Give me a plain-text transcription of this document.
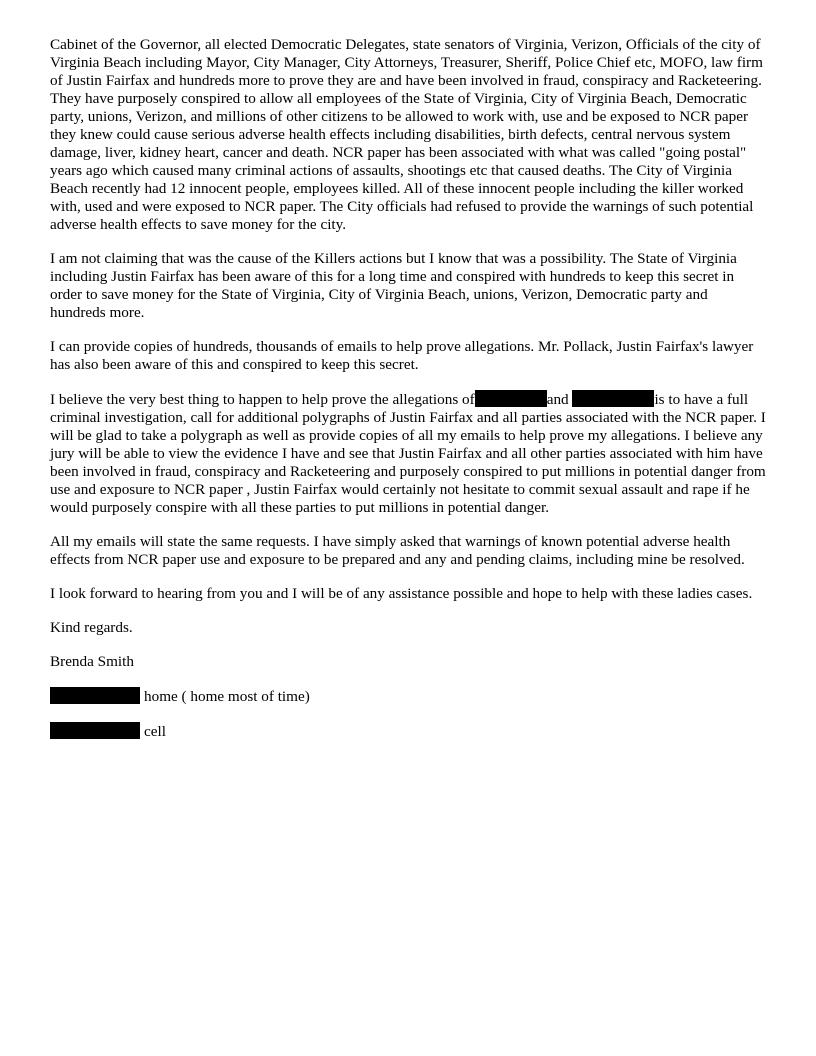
Cabinet of the Governor, all elected Democratic Delegates, state senators of Virginia, Verizon, Officials of the city of Virginia Beach including Mayor, City Manager, City Attorneys, Treasurer, Sheriff, Police Chief etc, MOFO, law firm of Justin Fairfax and hundreds more to prove they are and have been involved in fraud, conspiracy and Racketeering. They have purposely conspired to allow all employees of the State of Virginia, City of Virginia Beach, Democratic party, unions, Verizon, and millions of other citizens to be allowed to work with, use and be exposed to NCR paper they knew could cause serious adverse health effects including disabilities, birth defects, central nervous system damage, liver, kidney heart, cancer and death. NCR paper has been associated with what was called "going postal" years ago which caused many criminal actions of assaults, shootings etc that caused deaths. The City of Virginia Beach recently had 12 innocent people, employees killed. All of these innocent people including the killer worked with, used and were exposed to NCR paper. The City officials had refused to provide the warnings of such potential adverse health effects to save money for the city.

I am not claiming that was the cause of the Killers actions but I know that was a possibility. The State of Virginia including Justin Fairfax has been aware of this for a long time and conspired with hundreds to keep this secret in order to save money for the State of Virginia, City of Virginia Beach, unions, Verizon, Democratic party and hundreds more.

I can provide copies of hundreds, thousands of emails to help prove allegations. Mr. Pollack, Justin Fairfax's lawyer has also been aware of this and conspired to keep this secret.

I believe the very best thing to happen to help prove the allegations of	and	is to have a full criminal investigation, call for additional polygraphs of Justin Fairfax and all parties associated with the NCR paper. I will be glad to take a polygraph as well as provide copies of all my emails to help prove my allegations. I believe any jury will be able to view the evidence I have and see that Justin Fairfax and all other parties associated with him have been involved in fraud, conspiracy and Racketeering and purposely conspired to put millions in potential danger from use and exposure to NCR paper , Justin Fairfax would certainly not hesitate to commit sexual assault and rape if he would purposely conspire with all these parties to put millions in potential danger.

All my emails will state the same requests. I have simply asked that warnings of known potential adverse health effects from NCR paper use and exposure to be prepared and any and pending claims, including mine be resolved.

I look forward to hearing from you and I will be of any assistance possible and hope to help with these ladies cases.

Kind regards.

Brenda Smith

home ( home most of time)
cell
